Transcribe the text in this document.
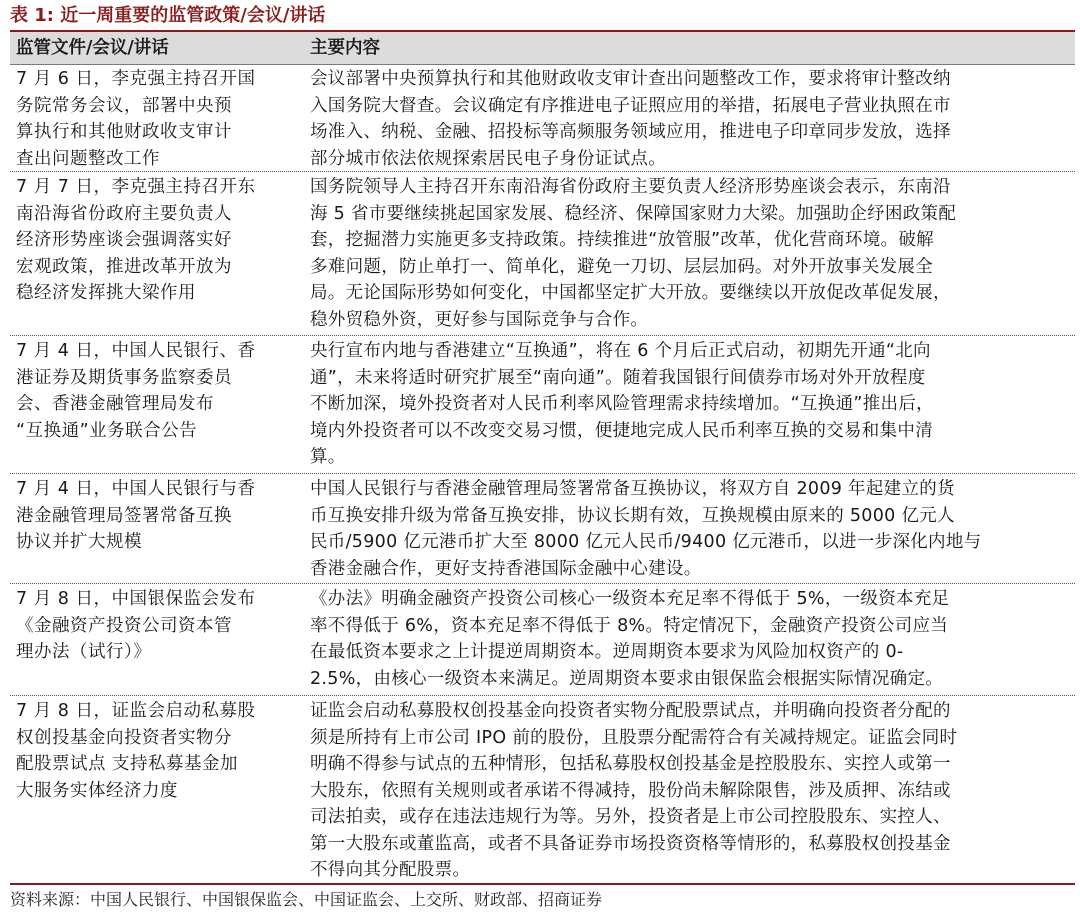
表 1: 近一周重要的监管政策/会议/讲话
监管文件/会议/讲话	主要内容
7 月 6 日，李克强主持召开国
务院常务会议，部署中央预
算执行和其他财政收支审计
查出问题整改工作
会议部署中央预算执行和其他财政收支审计查出问题整改工作，要求将审计整改纳
入国务院大督查。会议确定有序推进电子证照应用的举措，拓展电子营业执照在市
场准入、纳税、金融、招投标等高频服务领域应用，推进电子印章同步发放，选择
部分城市依法依规探索居民电子身份证试点。
7 月 7 日，李克强主持召开东
南沿海省份政府主要负责人
经济形势座谈会强调落实好
宏观政策，推进改革开放为
稳经济发挥挑大梁作用
国务院领导人主持召开东南沿海省份政府主要负责人经济形势座谈会表示，东南沿
海 5 省市要继续挑起国家发展、稳经济、保障国家财力大梁。加强助企纾困政策配
套，挖掘潜力实施更多支持政策。持续推进“放管服”改革，优化营商环境。破解
多难问题，防止单打一、简单化，避免一刀切、层层加码。对外开放事关发展全
局。无论国际形势如何变化，中国都坚定扩大开放。要继续以开放促改革促发展，
稳外贸稳外资，更好参与国际竞争与合作。
7 月 4 日，中国人民银行、香
港证券及期货事务监察委员
会、香港金融管理局发布
“互换通”业务联合公告
央行宣布内地与香港建立“互换通”，将在 6 个月后正式启动，初期先开通“北向
通”，未来将适时研究扩展至“南向通”。随着我国银行间债券市场对外开放程度
不断加深，境外投资者对人民币利率风险管理需求持续增加。“互换通”推出后，
境内外投资者可以不改变交易习惯，便捷地完成人民币利率互换的交易和集中清
算。
7 月 4 日，中国人民银行与香
港金融管理局签署常备互换
协议并扩大规模
中国人民银行与香港金融管理局签署常备互换协议，将双方自 2009 年起建立的货
币互换安排升级为常备互换安排，协议长期有效，互换规模由原来的 5000 亿元人
民币/5900 亿元港币扩大至 8000 亿元人民币/9400 亿元港币，以进一步深化内地与
香港金融合作，更好支持香港国际金融中心建设。
7 月 8 日，中国银保监会发布
《金融资产投资公司资本管
理办法（试行）》
《办法》明确金融资产投资公司核心一级资本充足率不得低于 5%，一级资本充足
率不得低于 6%，资本充足率不得低于 8%。特定情况下，金融资产投资公司应当
在最低资本要求之上计提逆周期资本。逆周期资本要求为风险加权资产的 0-
2.5%，由核心一级资本来满足。逆周期资本要求由银保监会根据实际情况确定。
7 月 8 日，证监会启动私募股
权创投基金向投资者实物分
配股票试点 支持私募基金加
大服务实体经济力度
证监会启动私募股权创投基金向投资者实物分配股票试点，并明确向投资者分配的
须是所持有上市公司 IPO 前的股份，且股票分配需符合有关减持规定。证监会同时
明确不得参与试点的五种情形，包括私募股权创投基金是控股股东、实控人或第一
大股东，依照有关规则或者承诺不得减持，股份尚未解除限售，涉及质押、冻结或
司法拍卖，或存在违法违规行为等。另外，投资者是上市公司控股股东、实控人、
第一大股东或董监高，或者不具备证券市场投资资格等情形的，私募股权创投基金
不得向其分配股票。
资料来源：中国人民银行、中国银保监会、中国证监会、上交所、财政部、招商证券
